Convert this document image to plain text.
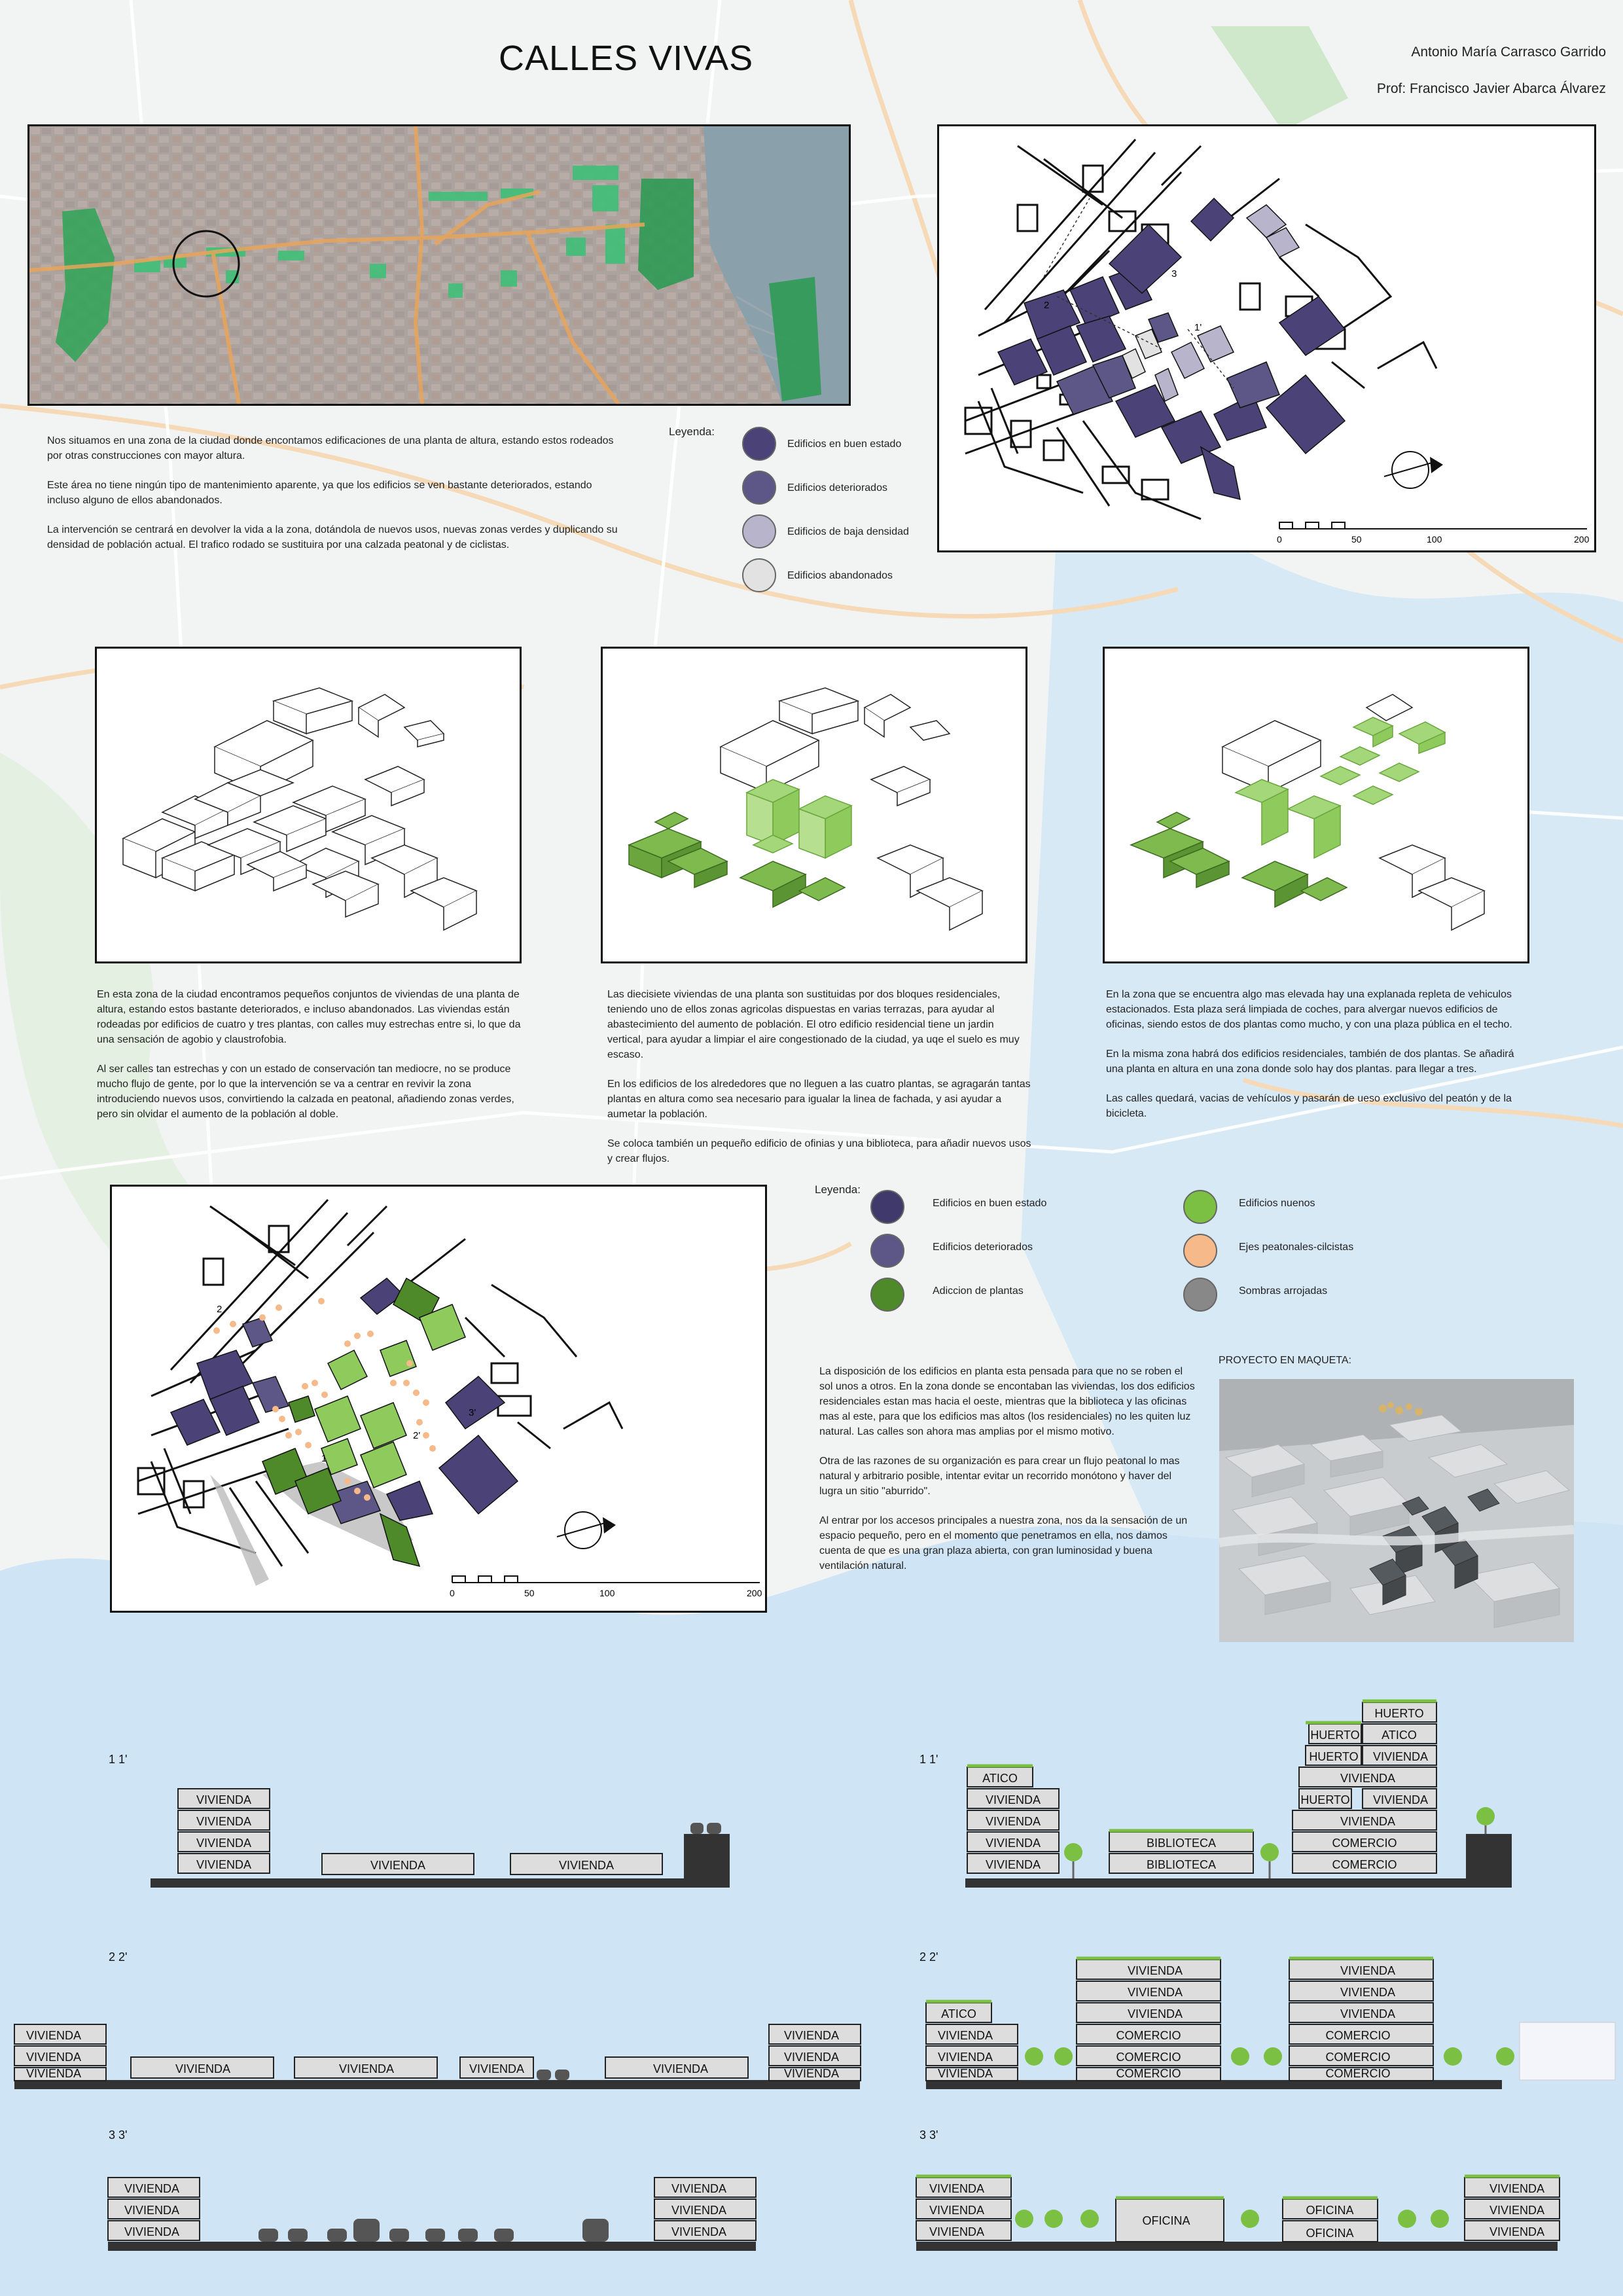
CALLES VIVAS	Antonio María Carrasco Garrido
Prof: Francisco Javier Abarca Álvarez

Nos situamos en una zona de la ciudad donde encontamos edificaciones de una planta de altura, estando estos rodeados por otras construcciones con mayor altura.

Este área no tiene ningún tipo de mantenimiento aparente, ya que los edificios se ven bastante deteriorados, estando incluso alguno de ellos abandonados.

La intervención se centrará en devolver la vida a la zona, dotándola de nuevos usos, nuevas zonas verdes y duplicando su densidad de población actual. El trafico rodado se sustituira por una calzada peatonal y de ciclistas.

Leyenda:
Edificios en buen estado
Edificios deteriorados
Edificios de baja densidad
Edificios abandonados
2
1'
3
0	50	100	200

En esta zona de la ciudad encontramos pequeños conjuntos de viviendas de una planta de altura, estando estos bastante deteriorados, e incluso abandonados. Las viviendas están rodeadas por edificios de cuatro y tres plantas, con calles muy estrechas entre si, lo que da una sensación de agobio y claustrofobia.

Al ser calles tan estrechas y con un estado de conservación tan mediocre, no se produce mucho flujo de gente, por lo que la intervención se va a centrar en revivir la zona introduciendo nuevos usos, convirtiendo la calzada en peatonal, añadiendo zonas verdes, pero sin olvidar el aumento de la población al doble.

Las diecisiete viviendas de una planta son sustituidas por dos bloques residenciales, teniendo uno de ellos zonas agricolas dispuestas en varias terrazas, para ayudar al abastecimiento del aumento de población. El otro edificio residencial tiene un jardin vertical, para ayudar a limpiar el aire congestionado de la ciudad, ya uqe el suelo es muy escaso.

En los edificios de los alrededores que no lleguen a las cuatro plantas, se agragarán tantas plantas en altura como sea necesario para igualar la linea de fachada, y asi ayudar a aumetar la población.

Se coloca también un pequeño edificio de ofinias y una biblioteca, para añadir nuevos usos y crear flujos.

En la zona que se encuentra algo mas elevada hay una explanada repleta de vehiculos estacionados. Esta plaza será limpiada de coches, para alvergar nuevos edificios de oficinas, siendo estos de dos plantas como mucho, y con una plaza pública en el techo.

En la misma zona habrá dos edificios residenciales, también de dos plantas. Se añadirá una planta en altura en una zona donde solo hay dos plantas. para llegar a tres.

Las calles quedará, vacias de vehículos y pasarán de ueso exclusivo del peatón y de la bicicleta.

2
2'
3'
1
0	50	100	200
Leyenda:
Edificios en buen estado
Edificios deteriorados
Adiccion de plantas
Edificios nuenos
Ejes peatonales-cilcistas
Sombras arrojadas

La disposición de los edificios en planta esta pensada para que no se roben el sol unos a otros. En la zona donde se encontaban las viviendas, los dos edificios residenciales estan mas hacia el oeste, mientras que la biblioteca y las oficinas mas al este, para que los edificios mas altos (los residenciales) no les quiten luz natural. Las calles son ahora mas amplias por el mismo motivo.

Otra de las razones de su organización es para crear un flujo peatonal lo mas natural y arbitrario posible, intentar evitar un recorrido monótono y haver del lugra un sitio "aburrido".

Al entrar por los accesos principales a nuestra zona, nos da la sensación de un espacio pequeño, pero en el momento que penetramos en ella, nos damos cuenta de que es una gran plaza abierta, con gran luminosidad y buena ventilación natural.

PROYECTO EN MAQUETA:
1 1'	1 1'
2 2'	2 2'
3 3'	3 3'
VIVIENDA
VIVIENDA
VIVIENDA
VIVIENDA	VIVIENDA	VIVIENDA
ATICO
VIVIENDA
VIVIENDA
VIVIENDA
VIVIENDA
BIBLIOTECA
BIBLIOTECA	COMERCIO
COMERCIO
VIVIENDA
HUERTO VIVIENDA
VIVIENDA
HUERTO VIVIENDA
HUERTO ATICO
HUERTO
VIVIENDA
VIVIENDA
VIVIENDA	VIVIENDA	VIVIENDA	VIVIENDA	VIVIENDA
VIVIENDA
VIVIENDA
VIVIENDA
ATICO
VIVIENDA
VIVIENDA
VIVIENDA
VIVIENDA
VIVIENDA
VIVIENDA
COMERCIO
COMERCIO
COMERCIO
VIVIENDA
VIVIENDA
VIVIENDA
COMERCIO
COMERCIO
COMERCIO
VIVIENDA
VIVIENDA
VIVIENDA
VIVIENDA
VIVIENDA
VIVIENDA
VIVIENDA
VIVIENDA
VIVIENDA
OFICINA
OFICINA
OFICINA
VIVIENDA
VIVIENDA
VIVIENDA
